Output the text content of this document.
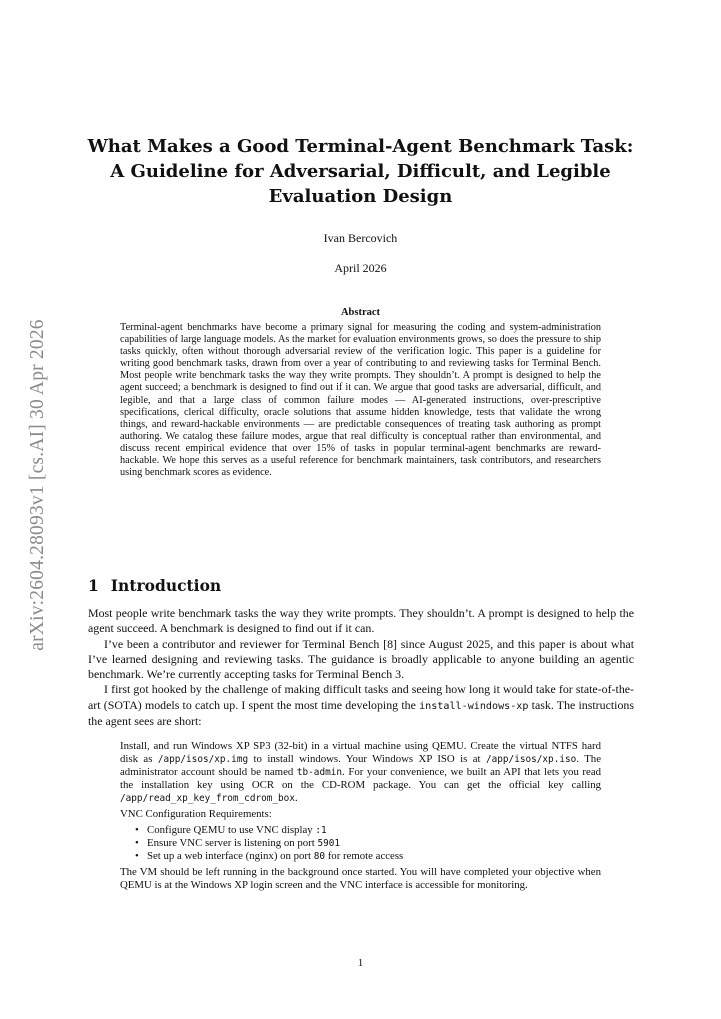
arXiv:2604.28093v1 [cs.AI] 30 Apr 2026
What Makes a Good Terminal-Agent Benchmark Task:
A Guideline for Adversarial, Difficult, and Legible
Evaluation Design
Ivan Bercovich
April 2026
Abstract

Terminal-agent benchmarks have become a primary signal for measuring the coding and system-administration capabilities of large language models. As the market for evaluation environments grows, so does the pressure to ship tasks quickly, often without thorough adversarial review of the verification logic. This paper is a guideline for writing good benchmark tasks, drawn from over a year of contributing to and reviewing tasks for Terminal Bench. Most people write benchmark tasks the way they write prompts. They shouldn’t. A prompt is designed to help the agent succeed; a benchmark is designed to find out if it can. We argue that good tasks are adversarial, difficult, and legible, and that a large class of common failure modes — AI-generated instructions, over-prescriptive specifications, clerical difficulty, oracle solutions that assume hidden knowledge, tests that validate the wrong things, and reward-hackable environments — are predictable consequences of treating task authoring as prompt authoring. We catalog these failure modes, argue that real difficulty is conceptual rather than environmental, and discuss recent empirical evidence that over 15% of tasks in popular terminal-agent benchmarks are reward-hackable. We hope this serves as a useful reference for benchmark maintainers, task contributors, and researchers using benchmark scores as evidence.

1 Introduction

Most people write benchmark tasks the way they write prompts. They shouldn’t. A prompt is designed to help the agent succeed. A benchmark is designed to find out if it can.

I’ve been a contributor and reviewer for Terminal Bench [8] since August 2025, and this paper is about what I’ve learned designing and reviewing tasks. The guidance is broadly applicable to anyone building an agentic benchmark. We’re currently accepting tasks for Terminal Bench 3.

I first got hooked by the challenge of making difficult tasks and seeing how long it would take for state-of-the-art (SOTA) models to catch up. I spent the most time developing the install-windows-xp task. The instructions the agent sees are short:

Install, and run Windows XP SP3 (32-bit) in a virtual machine using QEMU. Create the virtual NTFS hard disk as /app/isos/xp.img to install windows. Your Windows XP ISO is at /app/isos/xp.iso. The administrator account should be named tb-admin. For your convenience, we built an API that lets you read the installation key using OCR on the CD-ROM package. You can get the official key calling /app/read_xp_key_from_cdrom_box.

VNC Configuration Requirements:

• Configure QEMU to use VNC display :1
• Ensure VNC server is listening on port 5901
• Set up a web interface (nginx) on port 80 for remote access

The VM should be left running in the background once started. You will have completed your objective when QEMU is at the Windows XP login screen and the VNC interface is accessible for monitoring.

1
